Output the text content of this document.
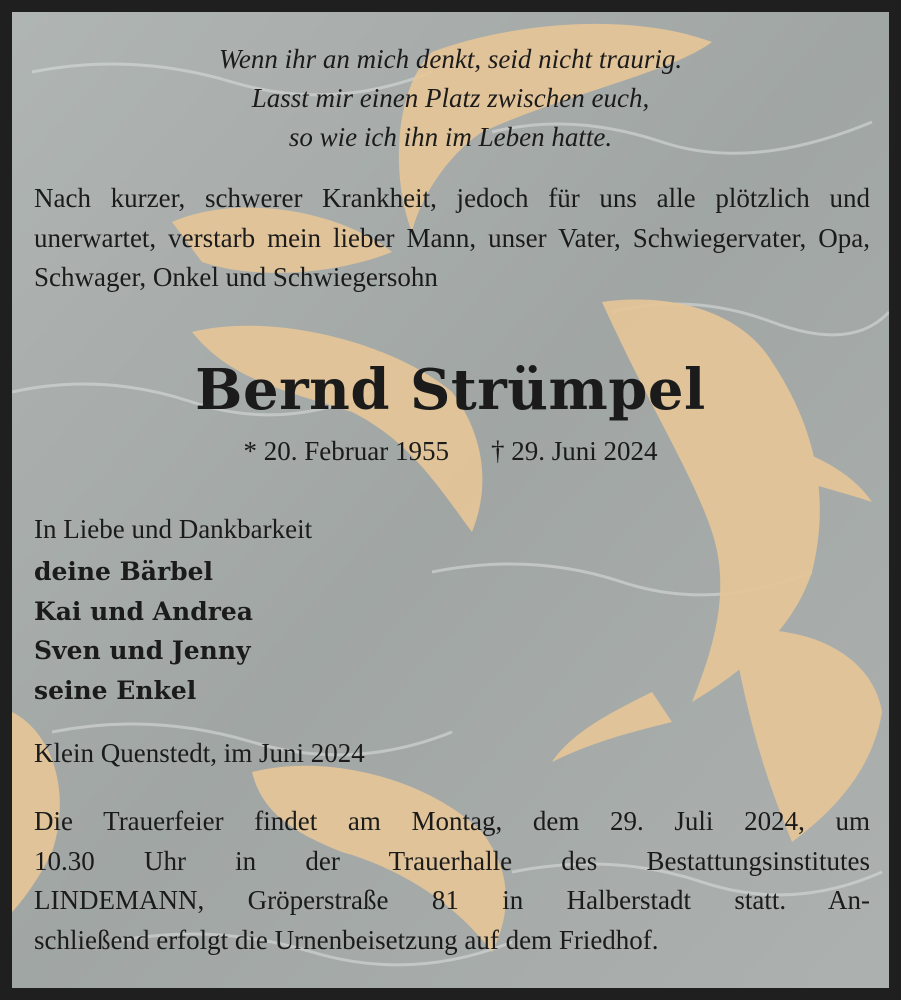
Wenn ihr an mich denkt, seid nicht traurig.
Lasst mir einen Platz zwischen euch,
so wie ich ihn im Leben hatte.
Nach kurzer, schwerer Krankheit, jedoch für uns alle plötzlich und unerwartet, verstarb mein lieber Mann, unser Vater, Schwiegervater, Opa, Schwager, Onkel und Schwiegersohn
Bernd Strümpel
* 20. Februar 1955 † 29. Juni 2024
In Liebe und Dankbarkeit
deine Bärbel
Kai und Andrea
Sven und Jenny
seine Enkel
Klein Quenstedt, im Juni 2024
Die Trauerfeier findet am Montag, dem 29. Juli 2024, um
10.30 Uhr in der Trauerhalle des Bestattungsinstitutes
LINDEMANN, Gröperstraße 81 in Halberstadt statt. An-
schließend erfolgt die Urnenbeisetzung auf dem Friedhof.
